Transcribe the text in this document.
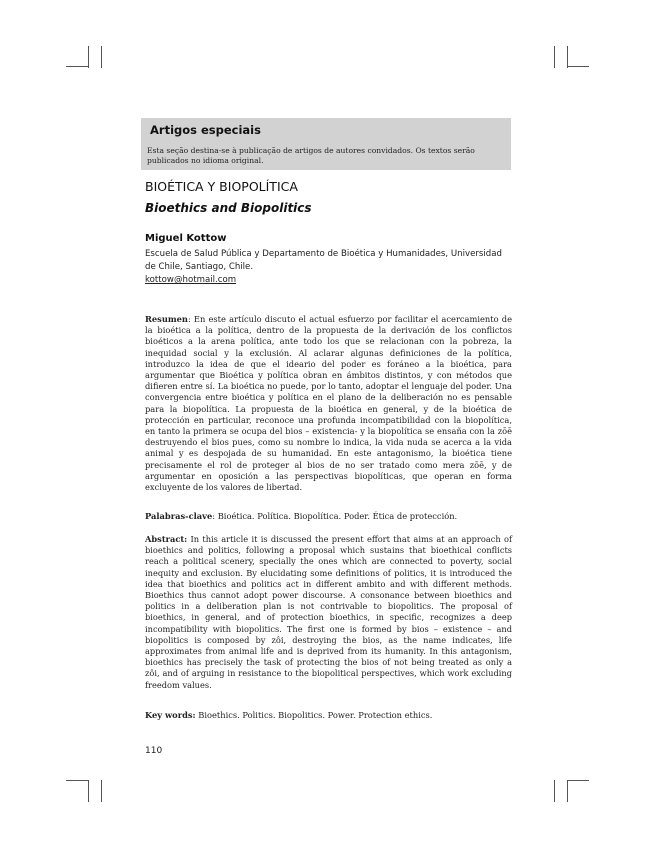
Artigos especiais
Esta seção destina-se à publicação de artigos de autores convidados. Os textos serão publicados no idioma original.
BIOÉTICA Y BIOPOLÍTICA
Bioethics and Biopolitics
Miguel Kottow
Escuela de Salud Pública y Departamento de Bioética y Humanidades, Universidad de Chile, Santiago, Chile.
kottow@hotmail.com
Resumen: En este artículo discuto el actual esfuerzo por facilitar el acercamiento de la bioética a la política, dentro de la propuesta de la derivación de los conflictos bioéticos a la arena política, ante todo los que se relacionan con la pobreza, la inequidad social y la exclusión. Al aclarar algunas definiciones de la política, introduzco la idea de que el ideario del poder es foráneo a la bioética, para argumentar que Bioética y política obran en ámbitos distintos, y con métodos que difieren entre sí. La bioética no puede, por lo tanto, adoptar el lenguaje del poder. Una convergencia entre bioética y política en el plano de la deliberación no es pensable para la biopolítica. La propuesta de la bioética en general, y de la bioética de protección en particular, reconoce una profunda incompatibilidad con la biopolítica, en tanto la primera se ocupa del bios – existencia- y la biopolítica se ensaña con la zōē destruyendo el bios pues, como su nombre lo indica, la vida nuda se acerca a la vida animal y es despojada de su humanidad. En este antagonismo, la bioética tiene precisamente el rol de proteger al bios de no ser tratado como mera zōē, y de argumentar en oposición a las perspectivas biopolíticas, que operan en forma excluyente de los valores de libertad.
Palabras-clave: Bioética. Política. Biopolítica. Poder. Ética de protección.
Abstract: In this article it is discussed the present effort that aims at an approach of bioethics and politics, following a proposal which sustains that bioethical conflicts reach a political scenery, specially the ones which are connected to poverty, social inequity and exclusion. By elucidating some definitions of politics, it is introduced the idea that bioethics and politics act in different ambito and with different methods. Bioethics thus cannot adopt power discourse. A consonance between bioethics and politics in a deliberation plan is not contrivable to biopolitics. The proposal of bioethics, in general, and of protection bioethics, in specific, recognizes a deep incompatibility with biopolitics. The first one is formed by bios – existence – and biopolitics is composed by zôi, destroying the bios, as the name indicates, life approximates from animal life and is deprived from its humanity. In this antagonism, bioethics has precisely the task of protecting the bios of not being treated as only a zôi, and of arguing in resistance to the biopolitical perspectives, which work excluding freedom values.
Key words: Bioethics. Politics. Biopolitics. Power. Protection ethics.
110
